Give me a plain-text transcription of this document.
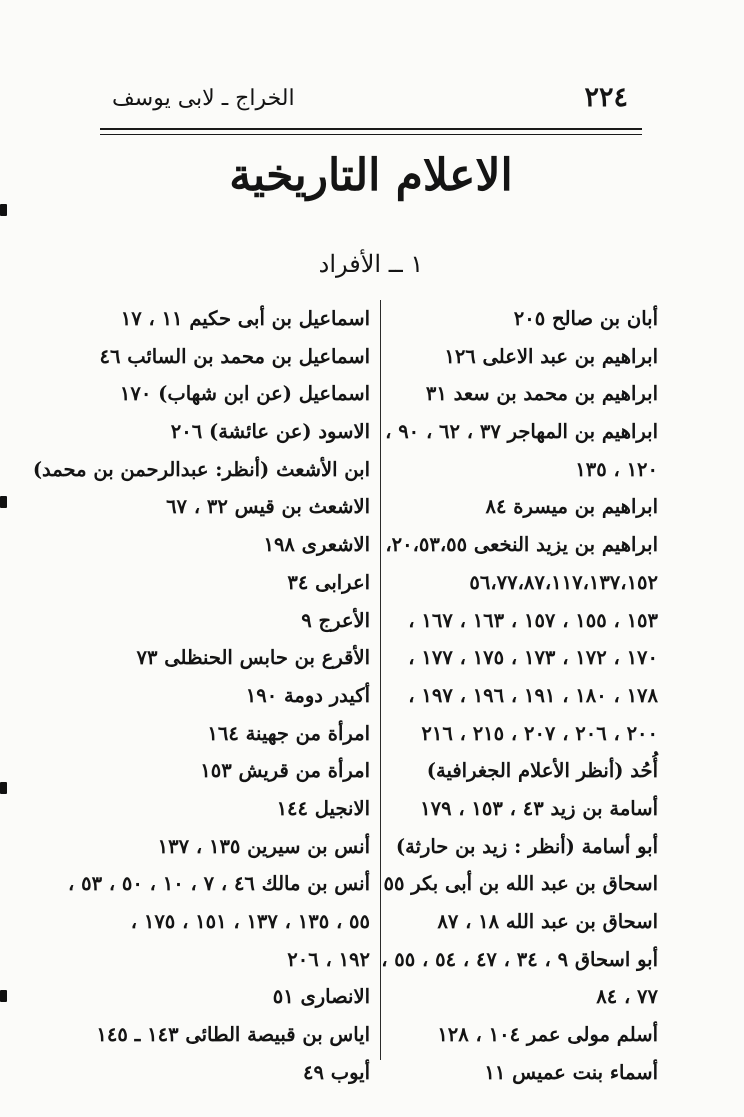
٢٢٤
الخراج ـ لابى يوسف
الاعلام التاريخية
١ ــ الأفراد
أبان بن صالح ٢٠٥
ابراهيم بن عبد الاعلى ١٢٦
ابراهيم بن محمد بن سعد ٣١
ابراهيم بن المهاجر ٣٧ ، ٦٢ ، ٩٠ ،
١٢٠ ، ١٣٥
ابراهيم بن ميسرة ٨٤
ابراهيم بن يزيد النخعى ٢٠،٥٣،٥٥،
٥٦،٧٧،٨٧،١١٧،١٣٧،١٥٢
١٥٣ ، ١٥٥ ، ١٥٧ ، ١٦٣ ، ١٦٧ ،
١٧٠ ، ١٧٢ ، ١٧٣ ، ١٧٥ ، ١٧٧ ،
١٧٨ ، ١٨٠ ، ١٩١ ، ١٩٦ ، ١٩٧ ،
٢٠٠ ، ٢٠٦ ، ٢٠٧ ، ٢١٥ ، ٢١٦
أُحُد (أنظر الأعلام الجغرافية)
أسامة بن زيد ٤٣ ، ١٥٣ ، ١٧٩
أبو أسامة (أنظر : زيد بن حارثة)
اسحاق بن عبد الله بن أبى بكر ٥٥
اسحاق بن عبد الله ١٨ ، ٨٧
أبو اسحاق ٩ ، ٣٤ ، ٤٧ ، ٥٤ ، ٥٥ ،
٧٧ ، ٨٤
أسلم مولى عمر ١٠٤ ، ١٢٨
أسماء بنت عميس ١١
اسماعيل بن أبى حكيم ١١ ، ١٧
اسماعيل بن محمد بن السائب ٤٦
اسماعيل (عن ابن شهاب) ١٧٠
الاسود (عن عائشة) ٢٠٦
ابن الأشعث (أنظر: عبدالرحمن بن محمد)
الاشعث بن قيس ٣٢ ، ٦٧
الاشعرى ١٩٨
اعرابى ٣٤
الأعرج ٩
الأقرع بن حابس الحنظلى ٧٣
أكيدر دومة ١٩٠
امرأة من جهينة ١٦٤
امرأة من قريش ١٥٣
الانجيل ١٤٤
أنس بن سيرين ١٣٥ ، ١٣٧
أنس بن مالك ٤٦ ، ٧ ، ١٠ ، ٥٠ ، ٥٣ ،
٥٥ ، ١٣٥ ، ١٣٧ ، ١٥١ ، ١٧٥ ،
١٩٢ ، ٢٠٦
الانصارى ٥١
اياس بن قبيصة الطائى ١٤٣ ـ ١٤٥
أيوب ٤٩
